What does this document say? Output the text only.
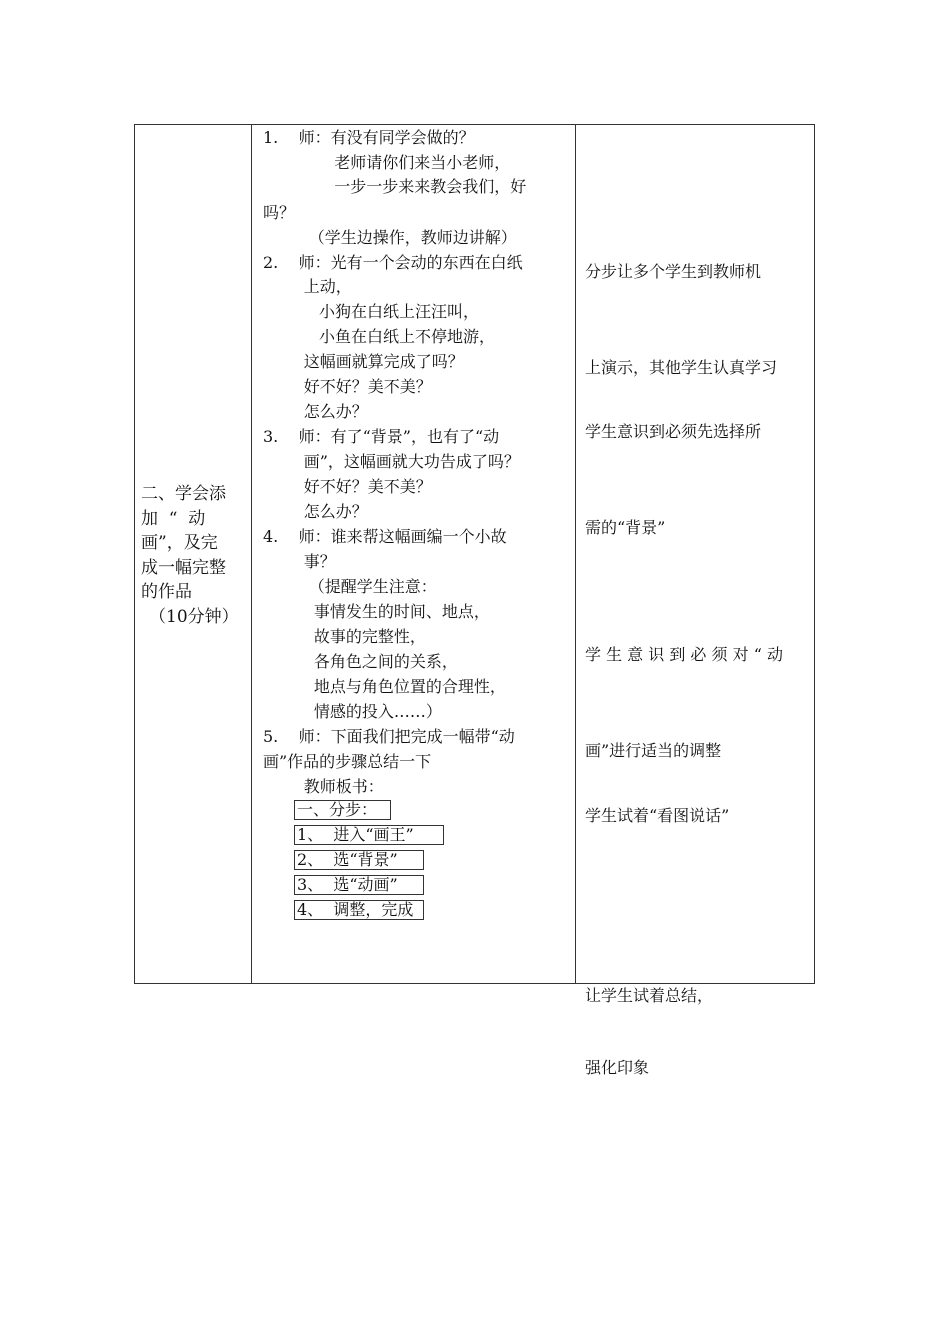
二、学会添
加  “  动
画”，及完
成一幅完整
的作品
（10分钟）
1.    师：有没有同学会做的？
老师请你们来当小老师，
一步一步来来教会我们，好
吗？
（学生边操作，教师边讲解）
2.    师：光有一个会动的东西在白纸
上动，
小狗在白纸上汪汪叫，
小鱼在白纸上不停地游，
这幅画就算完成了吗？
好不好？美不美？
怎么办？
3.    师：有了“背景”，也有了“动
画”，这幅画就大功告成了吗？
好不好？美不美？
怎么办？
4.    师：谁来帮这幅画编一个小故
事？
（提醒学生注意：
事情发生的时间、地点，
故事的完整性，
各角色之间的关系，
地点与角色位置的合理性，
情感的投入……）
5.    师：下面我们把完成一幅带“动
画”作品的步骤总结一下
教师板书：
一、分步：
1、  进入“画王”
2、  选“背景”
3、  选“动画”
4、  调整，完成

分步让多个学生到教师机

上演示，其他学生认真学习

学生意识到必须先选择所

需的“背景”

学 生 意 识 到 必 须 对 “ 动

画”进行适当的调整

学生试着“看图说话”

让学生试着总结，

强化印象
